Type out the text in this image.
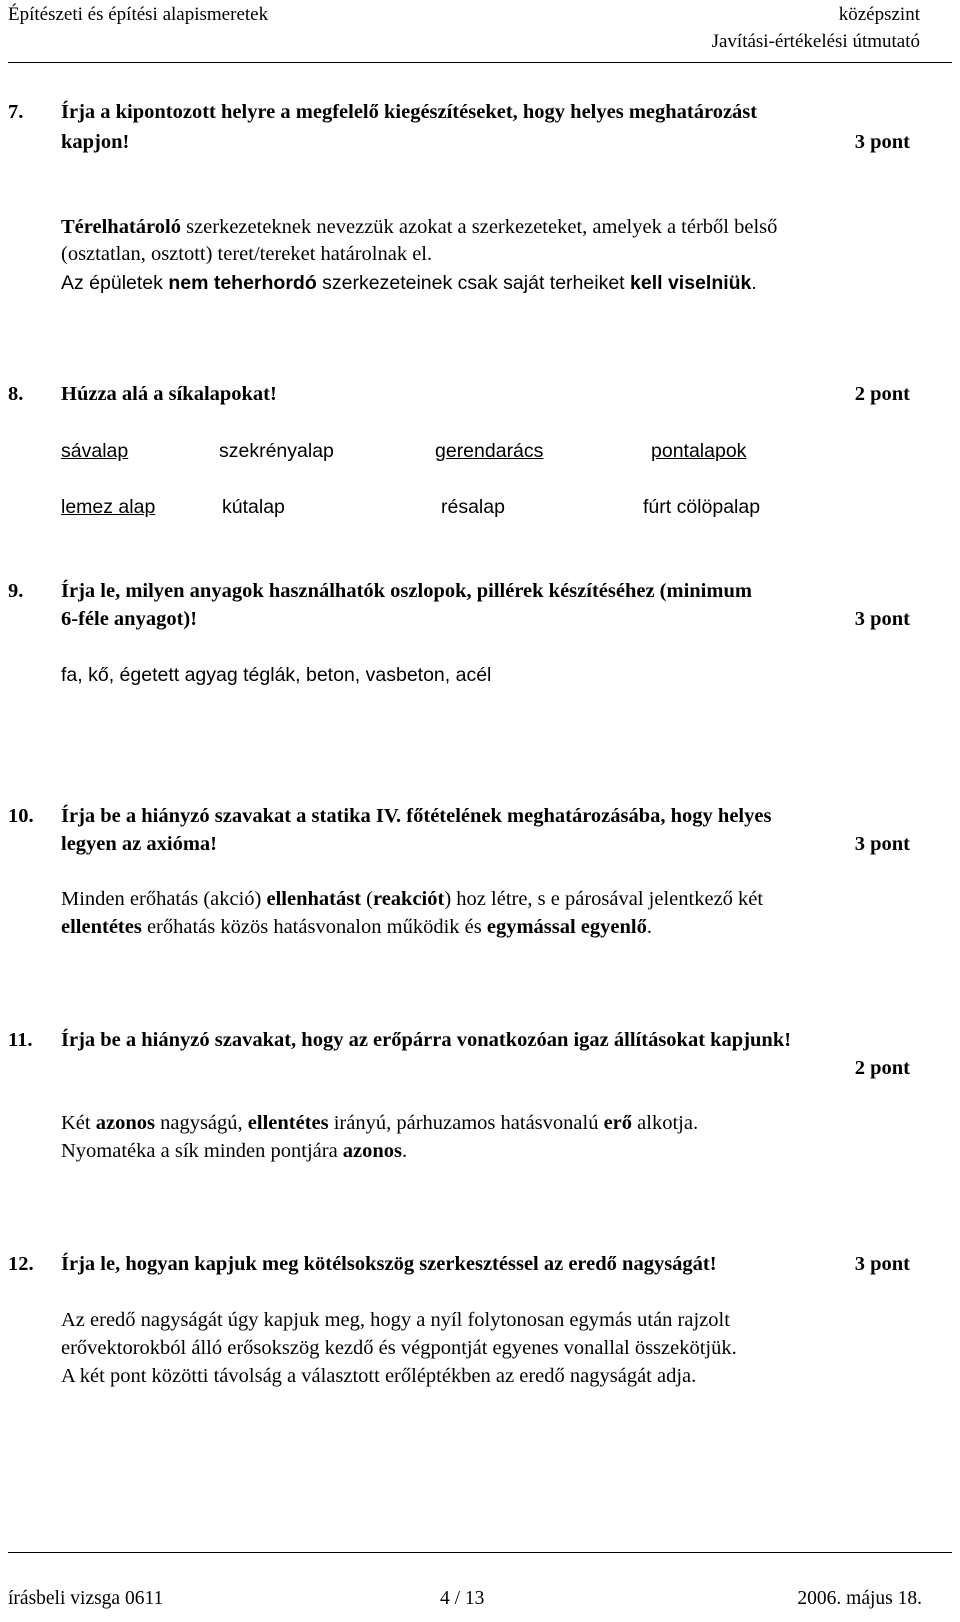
Építészeti és építési alapismeretek	középszint
Javítási-értékelési útmutató
7. Írja a kipontozott helyre a megfelelő kiegészítéseket, hogy helyes meghatározást
kapjon!	3 pont
Térelhatároló szerkezeteknek nevezzük azokat a szerkezeteket, amelyek a térből belső
(osztatlan, osztott) teret/tereket határolnak el.
Az épületek nem teherhordó szerkezeteinek csak saját terheiket kell viselniük.
8. Húzza alá a síkalapokat!	2 pont
sávalap	szekrényalap	gerendarács	pontalapok
lemez alap	kútalap	résalap	fúrt cölöpalap
9. Írja le, milyen anyagok használhatók oszlopok, pillérek készítéséhez (minimum
6-féle anyagot)!	3 pont
fa, kő, égetett agyag téglák, beton, vasbeton, acél
10. Írja be a hiányzó szavakat a statika IV. főtételének meghatározásába, hogy helyes
legyen az axióma!	3 pont
Minden erőhatás (akció) ellenhatást (reakciót) hoz létre, s e párosával jelentkező két
ellentétes erőhatás közös hatásvonalon működik és egymással egyenlő.
11. Írja be a hiányzó szavakat, hogy az erőpárra vonatkozóan igaz állításokat kapjunk!
2 pont
Két azonos nagyságú, ellentétes irányú, párhuzamos hatásvonalú erő alkotja.
Nyomatéka a sík minden pontjára azonos.
12. Írja le, hogyan kapjuk meg kötélsokszög szerkesztéssel az eredő nagyságát!	3 pont
Az eredő nagyságát úgy kapjuk meg, hogy a nyíl folytonosan egymás után rajzolt
erővektorokból álló erősokszög kezdő és végpontját egyenes vonallal összekötjük.
A két pont közötti távolság a választott erőléptékben az eredő nagyságát adja.
írásbeli vizsga 0611	4 / 13	2006. május 18.
